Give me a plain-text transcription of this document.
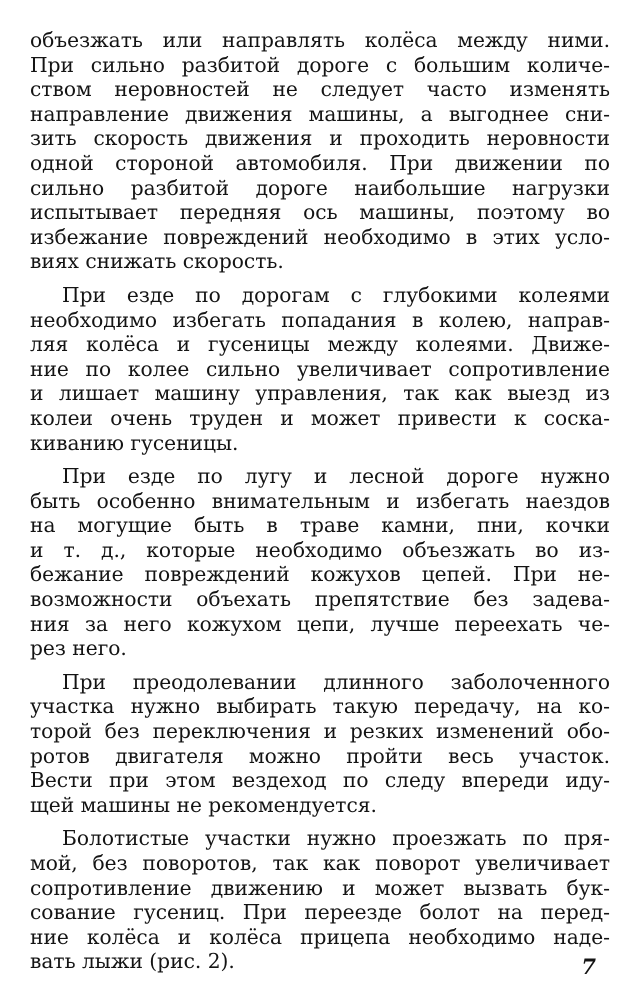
объезжать или направлять колёса между ними.
При сильно разбитой дороге с большим количе-
ством неровностей не следует часто изменять
направление движения машины, а выгоднее сни-
зить скорость движения и проходить неровности
одной стороной автомобиля. При движении по
сильно разбитой дороге наибольшие нагрузки
испытывает передняя ось машины, поэтому во
избежание повреждений необходимо в этих усло-
виях снижать скорость.
При езде по дорогам с глубокими колеями
необходимо избегать попадания в колею, направ-
ляя колёса и гусеницы между колеями. Движе-
ние по колее сильно увеличивает сопротивление
и лишает машину управления, так как выезд из
колеи очень труден и может привести к соска-
киванию гусеницы.
При езде по лугу и лесной дороге нужно
быть особенно внимательным и избегать наездов
на могущие быть в траве камни, пни, кочки
и т. д., которые необходимо объезжать во из-
бежание повреждений кожухов цепей. При не-
возможности объехать препятствие без задева-
ния за него кожухом цепи, лучше переехать че-
рез него.
При преодолевании длинного заболоченного
участка нужно выбирать такую передачу, на ко-
торой без переключения и резких изменений обо-
ротов двигателя можно пройти весь участок.
Вести при этом вездеход по следу впереди иду-
щей машины не рекомендуется.
Болотистые участки нужно проезжать по пря-
мой, без поворотов, так как поворот увеличивает
сопротивление движению и может вызвать бук-
сование гусениц. При переезде болот на перед-
ние колёса и колёса прицепа необходимо наде-
вать лыжи (рис. 2).	7
